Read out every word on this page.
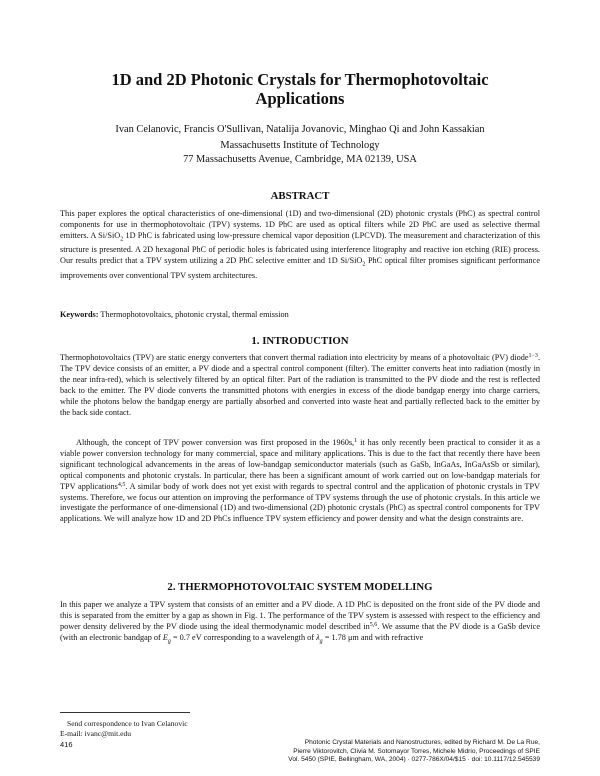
1D and 2D Photonic Crystals for Thermophotovoltaic
Applications
Ivan Celanovic, Francis O'Sullivan, Natalija Jovanovic, Minghao Qi and John Kassakian
Massachusetts Institute of Technology
77 Massachusetts Avenue, Cambridge, MA 02139, USA
ABSTRACT

This paper explores the optical characteristics of one-dimensional (1D) and two-dimensional (2D) photonic crystals (PhC) as spectral control components for use in thermophotovoltaic (TPV) systems. 1D PhC are used as optical filters while 2D PhC are used as selective thermal emitters. A Si/SiO$_2$ 1D PhC is fabricated using low-pressure chemical vapor deposition (LPCVD). The measurement and characterization of this structure is presented. A 2D hexagonal PhC of periodic holes is fabricated using interference litography and reactive ion etching (RIE) process. Our results predict that a TPV system utilizing a 2D PhC selective emitter and 1D Si/SiO$_2$ PhC optical filter promises significant performance improvements over conventional TPV system architectures.

Keywords: Thermophotovoltaics, photonic crystal, thermal emission

1. INTRODUCTION

Thermophotovoltaics (TPV) are static energy converters that convert thermal radiation into electricity by means of a photovoltaic (PV) diode$^{1-3}$. The TPV device consists of an emitter, a PV diode and a spectral control component (filter). The emitter converts heat into radiation (mostly in the near infra-red), which is selectively filtered by an optical filter. Part of the radiation is transmitted to the PV diode and the rest is reflected back to the emitter. The PV diode converts the transmitted photons with energies in excess of the diode bandgap energy into charge carriers, while the photons below the bandgap energy are partially absorbed and converted into waste heat and partially reflected back to the emitter by the back side contact.

Although, the concept of TPV power conversion was first proposed in the 1960s,$^1$ it has only recently been practical to consider it as a viable power conversion technology for many commercial, space and military applications. This is due to the fact that recently there have been significant technological advancements in the areas of low-bandgap semiconductor materials (such as GaSb, InGaAs, InGaAsSb or similar), optical components and photonic crystals. In particular, there has been a significant amount of work carried out on low-bandgap materials for TPV applications$^{4,5}$. A similar body of work does not yet exist with regards to spectral control and the application of photonic crystals in TPV systems. Therefore, we focus our attention on improving the performance of TPV systems through the use of photonic crystals. In this article we investigate the performance of one-dimensional (1D) and two-dimensional (2D) photonic crystals (PhC) as spectral control components for TPV applications. We will analyze how 1D and 2D PhCs influence TPV system efficiency and power density and what the design constraints are.

2. THERMOPHOTOVOLTAIC SYSTEM MODELLING

In this paper we analyze a TPV system that consists of an emitter and a PV diode. A 1D PhC is deposited on the front side of the PV diode and this is separated from the emitter by a gap as shown in Fig. 1. The performance of the TPV system is assessed with respect to the efficiency and power density delivered by the PV diode using the ideal thermodynamic model described in$^{5,6}$. We assume that the PV diode is a GaSb device (with an electronic bandgap of $E_g = 0.7$ eV corresponding to a wavelength of $\lambda_g = 1.78$ μm and with refractive

Send correspondence to Ivan Celanovic
E-mail: ivanc@mit.edu
416	Photonic Crystal Materials and Nanostructures, edited by Richard M. De La Rue,
Pierre Viktorovitch, Clivia M. Sotomayor Torres, Michele Midrio, Proceedings of SPIE
Vol. 5450 (SPIE, Bellingham, WA, 2004) · 0277-786X/04/$15 · doi: 10.1117/12.545539
